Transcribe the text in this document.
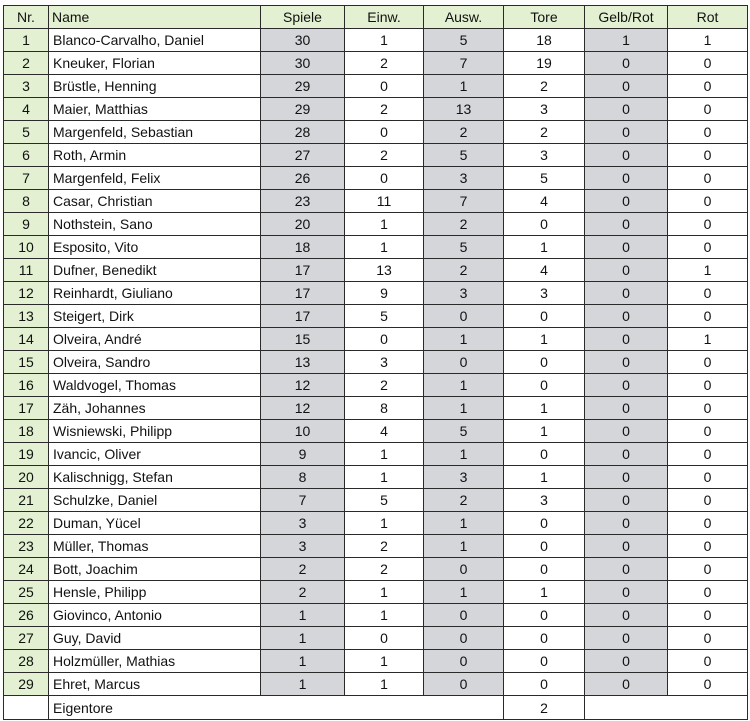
Nr.	Name	Spiele	Einw.	Ausw.	Tore	Gelb/Rot	Rot
1	Blanco-Carvalho, Daniel	30	1	5	18	1	1
2	Kneuker, Florian	30	2	7	19	0	0
3	Brüstle, Henning	29	0	1	2	0	0
4	Maier, Matthias	29	2	13	3	0	0
5	Margenfeld, Sebastian	28	0	2	2	0	0
6	Roth, Armin	27	2	5	3	0	0
7	Margenfeld, Felix	26	0	3	5	0	0
8	Casar, Christian	23	11	7	4	0	0
9	Nothstein, Sano	20	1	2	0	0	0
10	Esposito, Vito	18	1	5	1	0	0
11	Dufner, Benedikt	17	13	2	4	0	1
12	Reinhardt, Giuliano	17	9	3	3	0	0
13	Steigert, Dirk	17	5	0	0	0	0
14	Olveira, André	15	0	1	1	0	1
15	Olveira, Sandro	13	3	0	0	0	0
16	Waldvogel, Thomas	12	2	1	0	0	0
17	Zäh, Johannes	12	8	1	1	0	0
18	Wisniewski, Philipp	10	4	5	1	0	0
19	Ivancic, Oliver	9	1	1	0	0	0
20	Kalischnigg, Stefan	8	1	3	1	0	0
21	Schulzke, Daniel	7	5	2	3	0	0
22	Duman, Yücel	3	1	1	0	0	0
23	Müller, Thomas	3	2	1	0	0	0
24	Bott, Joachim	2	2	0	0	0	0
25	Hensle, Philipp	2	1	1	1	0	0
26	Giovinco, Antonio	1	1	0	0	0	0
27	Guy, David	1	0	0	0	0	0
28	Holzmüller, Mathias	1	1	0	0	0	0
29	Ehret, Marcus	1	1	0	0	0	0
	Eigentore				2		
